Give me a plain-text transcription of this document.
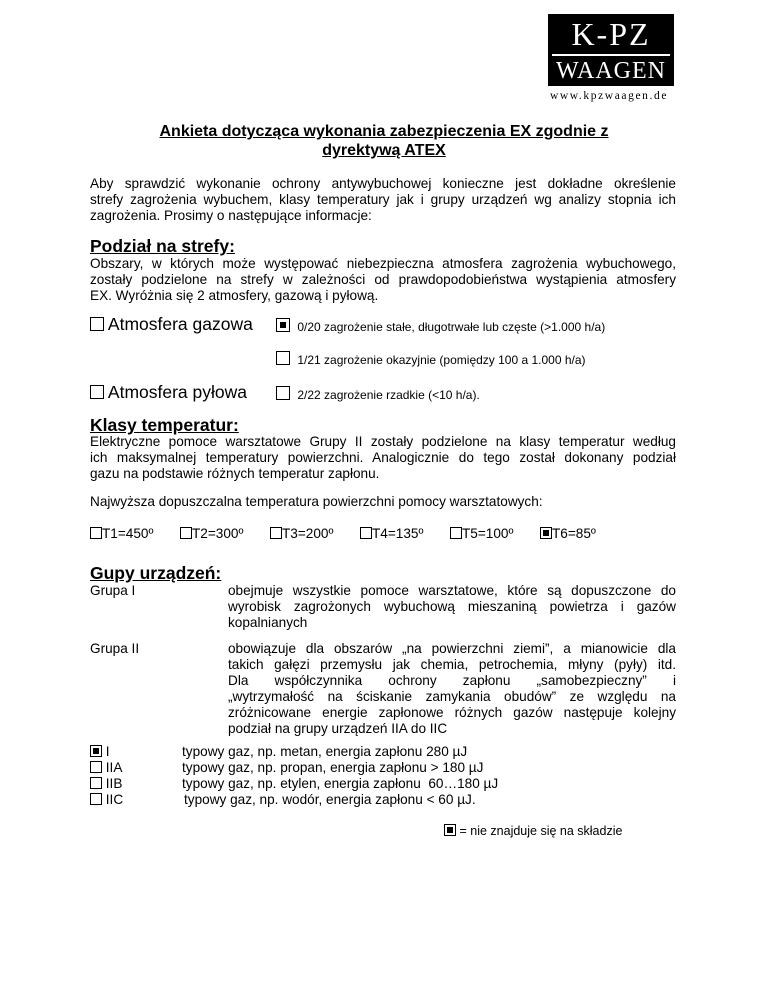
K-PZ
WAAGEN
www.kpzwaagen.de
Ankieta dotycząca wykonania zabezpieczenia EX zgodnie z
dyrektywą ATEX
Aby sprawdzić wykonanie ochrony antywybuchowej konieczne jest dokładne określenie
strefy zagrożenia wybuchem, klasy temperatury jak i grupy urządzeń wg analizy stopnia ich
zagrożenia. Prosimy o następujące informacje:
Podział na strefy:
Obszary, w których może występować niebezpieczna atmosfera zagrożenia wybuchowego,
zostały podzielone na strefy w zależności od prawdopodobieństwa wystąpienia atmosfery
EX. Wyróżnia się 2 atmosfery, gazową i pyłową.
Atmosfera gazowa	0/20 zagrożenie stałe, długotrwałe lub częste (>1.000 h/a)
1/21 zagrożenie okazyjnie (pomiędzy 100 a 1.000 h/a)
Atmosfera pyłowa	2/22 zagrożenie rzadkie (<10 h/a).
Klasy temperatur:
Elektryczne pomoce warsztatowe Grupy II zostały podzielone na klasy temperatur według
ich maksymalnej temperatury powierzchni. Analogicznie do tego został dokonany podział
gazu na podstawie różnych temperatur zapłonu.
Najwyższa dopuszczalna temperatura powierzchni pomocy warsztatowych:
T1=450º	T2=300º	T3=200º	T4=135º	T5=100º	T6=85º
Gupy urządzeń:
Grupa I	obejmuje wszystkie pomoce warsztatowe, które są dopuszczone do
wyrobisk zagrożonych wybuchową mieszaniną powietrza i gazów
kopalnianych
Grupa II	obowiązuje dla obszarów „na powierzchni ziemi”, a mianowicie dla
takich gałęzi przemysłu jak chemia, petrochemia, młyny (pyły) itd.
Dla    współczynnika    ochrony    zapłonu    „samobezpieczny”    i
„wytrzymałość na ściskanie zamykania obudów” ze względu na
zróżnicowane energie zapłonowe różnych gazów następuje kolejny
podział na grupy urządzeń IIA do IIC
I	typowy gaz, np. metan, energia zapłonu 280 µJ
IIA	typowy gaz, np. propan, energia zapłonu > 180 µJ
IIB	typowy gaz, np. etylen, energia zapłonu  60…180 µJ
IIC	typowy gaz, np. wodór, energia zapłonu < 60 µJ.
= nie znajduje się na składzie
